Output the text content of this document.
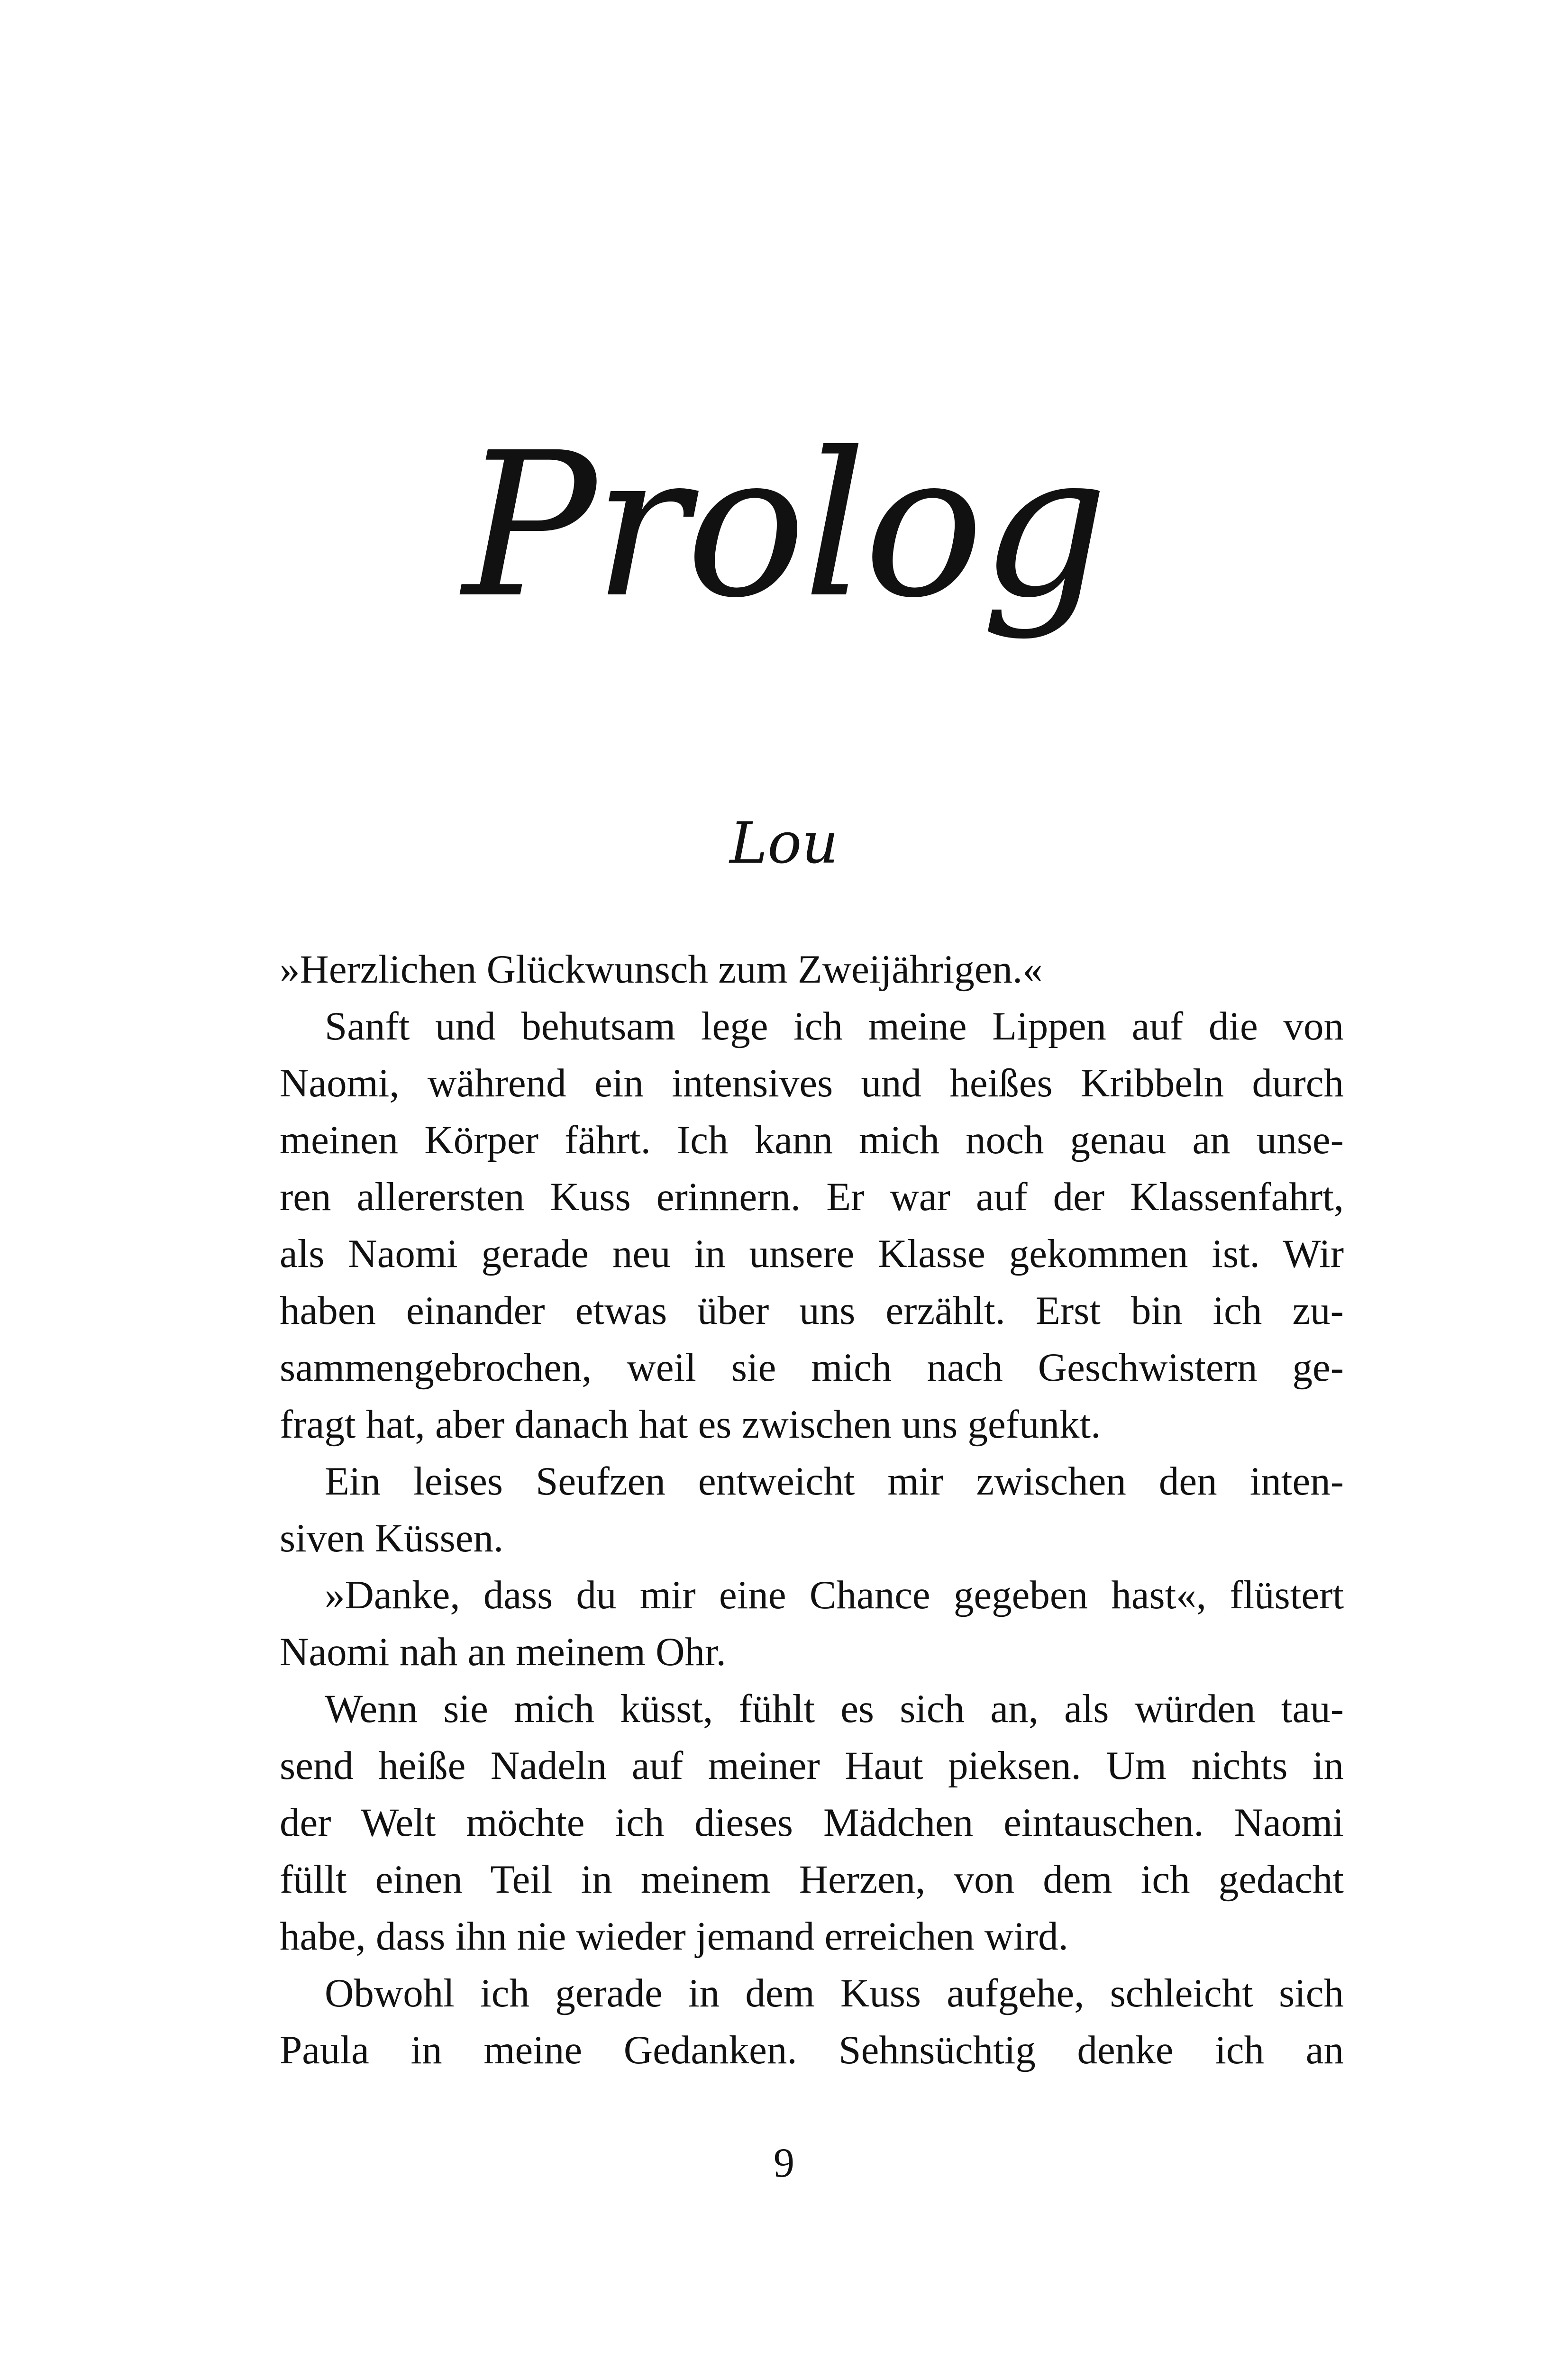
Prolog
Lou
»Herzlichen Glückwunsch zum Zweijährigen.«
Sanft und behutsam lege ich meine Lippen auf die von
Naomi, während ein intensives und heißes Kribbeln durch
meinen Körper fährt. Ich kann mich noch genau an unse-
ren allerersten Kuss erinnern. Er war auf der Klassenfahrt,
als Naomi gerade neu in unsere Klasse gekommen ist. Wir
haben einander etwas über uns erzählt. Erst bin ich zu-
sammengebrochen, weil sie mich nach Geschwistern ge-
fragt hat, aber danach hat es zwischen uns gefunkt.
Ein leises Seufzen entweicht mir zwischen den inten-
siven Küssen.
»Danke, dass du mir eine Chance gegeben hast«, flüstert
Naomi nah an meinem Ohr.
Wenn sie mich küsst, fühlt es sich an, als würden tau-
send heiße Nadeln auf meiner Haut pieksen. Um nichts in
der Welt möchte ich dieses Mädchen eintauschen. Naomi
füllt einen Teil in meinem Herzen, von dem ich gedacht
habe, dass ihn nie wieder jemand erreichen wird.
Obwohl ich gerade in dem Kuss aufgehe, schleicht sich
Paula in meine Gedanken. Sehnsüchtig denke ich an
9
